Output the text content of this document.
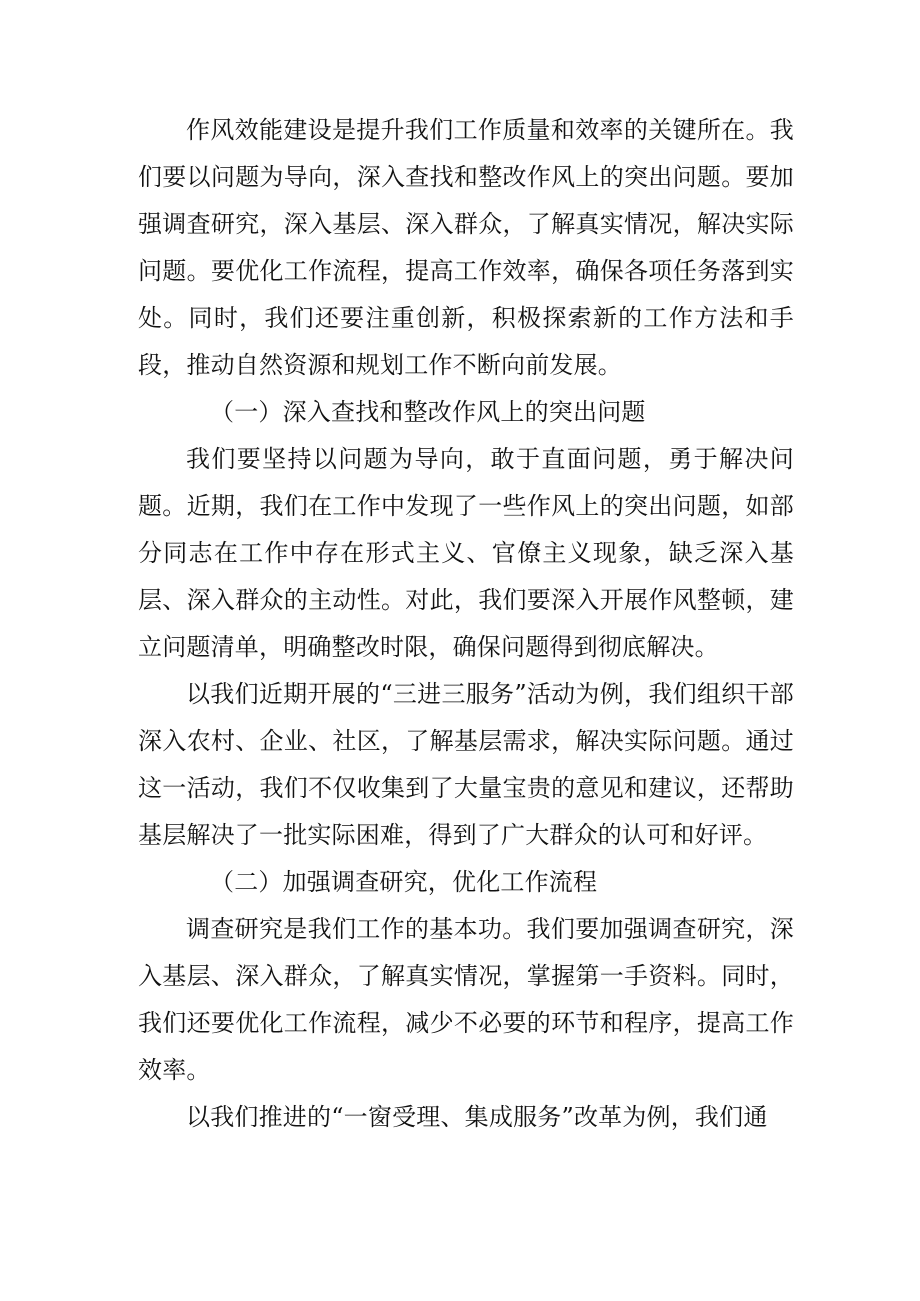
作风效能建设是提升我们工作质量和效率的关键所在。我们要以问题为导向，深入查找和整改作风上的突出问题。要加强调査研究，深入基层、深入群众，了解真实情况，解决实际问题。要优化工作流程，提高工作效率，确保各项任务落到实处。同时，我们还要注重创新，积极探索新的工作方法和手段，推动自然资源和规划工作不断向前发展。

（一）深入查找和整改作风上的突出问题

我们要坚持以问题为导向，敢于直面问题，勇于解决问题。近期，我们在工作中发现了一些作风上的突出问题，如部分同志在工作中存在形式主义、官僚主义现象，缺乏深入基层、深入群众的主动性。对此，我们要深入开展作风整顿，建立问题清单，明确整改时限，确保问题得到彻底解决。

以我们近期开展的“三进三服务”活动为例，我们组织干部深入农村、企业、社区，了解基层需求，解决实际问题。通过这一活动，我们不仅收集到了大量宝贵的意见和建议，还帮助基层解决了一批实际困难，得到了广大群众的认可和好评。

（二）加强调查研究，优化工作流程

调查研究是我们工作的基本功。我们要加强调查研究，深入基层、深入群众，了解真实情况，掌握第一手资料。同时，我们还要优化工作流程，减少不必要的环节和程序，提高工作效率。

以我们推进的“一窗受理、集成服务”改革为例，我们通
